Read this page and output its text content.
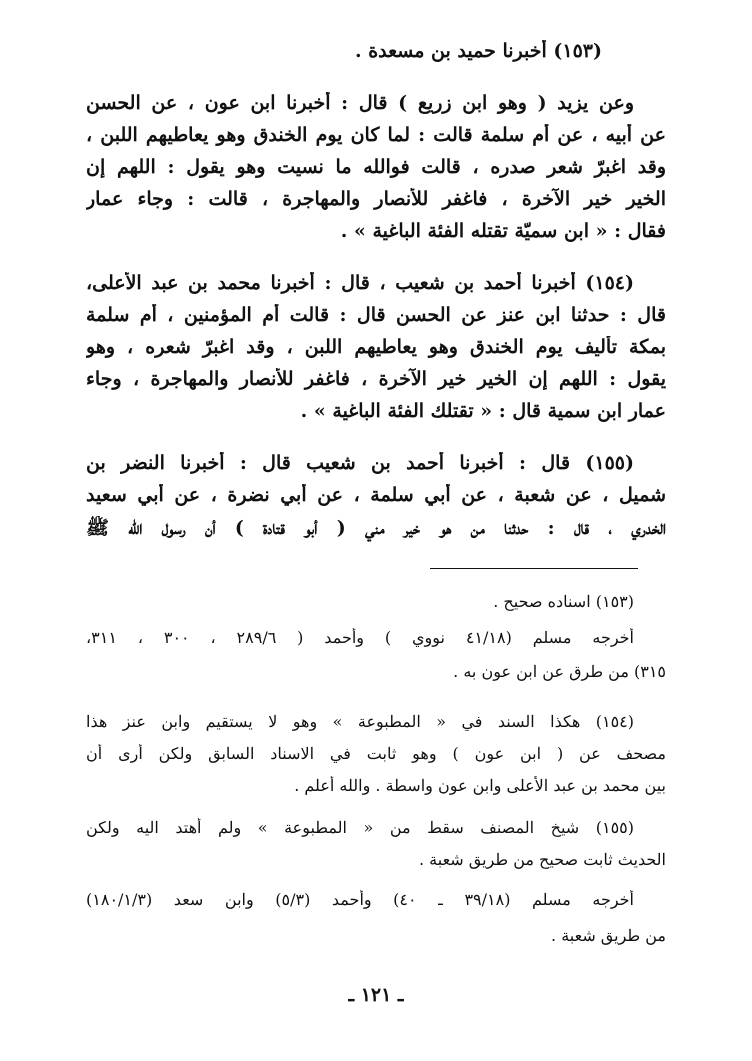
(١٥٣) أخبرنا حميد بن مسعدة .
وعن يزيد ( وهو ابن زريع ) قال : أخبرنا ابن عون ، عن الحسن
عن أبيه ، عن أم سلمة قالت : لما كان يوم الخندق وهو يعاطيهم اللبن ،
وقد اغبرّ شعر صدره ، قالت فوالله ما نسيت وهو يقول : اللهم إن
الخير خير الآخرة ، فاغفر للأنصار والمهاجرة ، قالت : وجاء عمار
فقال : « ابن سميّة تقتله الفئة الباغية » .
(١٥٤) أخبرنا أحمد بن شعيب ، قال : أخبرنا محمد بن عبد الأعلى،
قال : حدثنا ابن عنز عن الحسن قال : قالت أم المؤمنين ، أم سلمة
بمكة تأليف يوم الخندق وهو يعاطيهم اللبن ، وقد اغبرّ شعره ، وهو
يقول : اللهم إن الخير خير الآخرة ، فاغفر للأنصار والمهاجرة ، وجاء
عمار ابن سمية قال : « تقتلك الفئة الباغية » .
(١٥٥) قال : أخبرنا أحمد بن شعيب قال : أخبرنا النضر بن
شميل ، عن شعبة ، عن أبي سلمة ، عن أبي نضرة ، عن أبي سعيد
الخدري ، قال : حدثنا من هو خير مني ( أبو قتادة ) أن رسول الله ﷺ
(١٥٣) اسناده صحيح .
أخرجه مسلم (٤١/١٨ نووي ) وأحمد ( ٢٨٩/٦ ، ٣٠٠ ، ٣١١،
٣١٥) من طرق عن ابن عون به .
(١٥٤) هكذا السند في « المطبوعة » وهو لا يستقيم وابن عنز هذا
مصحف عن ( ابن عون ) وهو ثابت في الاسناد السابق ولكن أرى أن
بين محمد بن عبد الأعلى وابن عون واسطة . والله أعلم .
(١٥٥) شيخ المصنف سقط من « المطبوعة » ولم أهتد اليه ولكن
الحديث ثابت صحيح من طريق شعبة .
أخرجه مسلم (٣٩/١٨ ـ ٤٠) وأحمد (٥/٣) وابن سعد (١٨٠/١/٣)
من طريق شعبة .
ـ ١٢١ ـ
